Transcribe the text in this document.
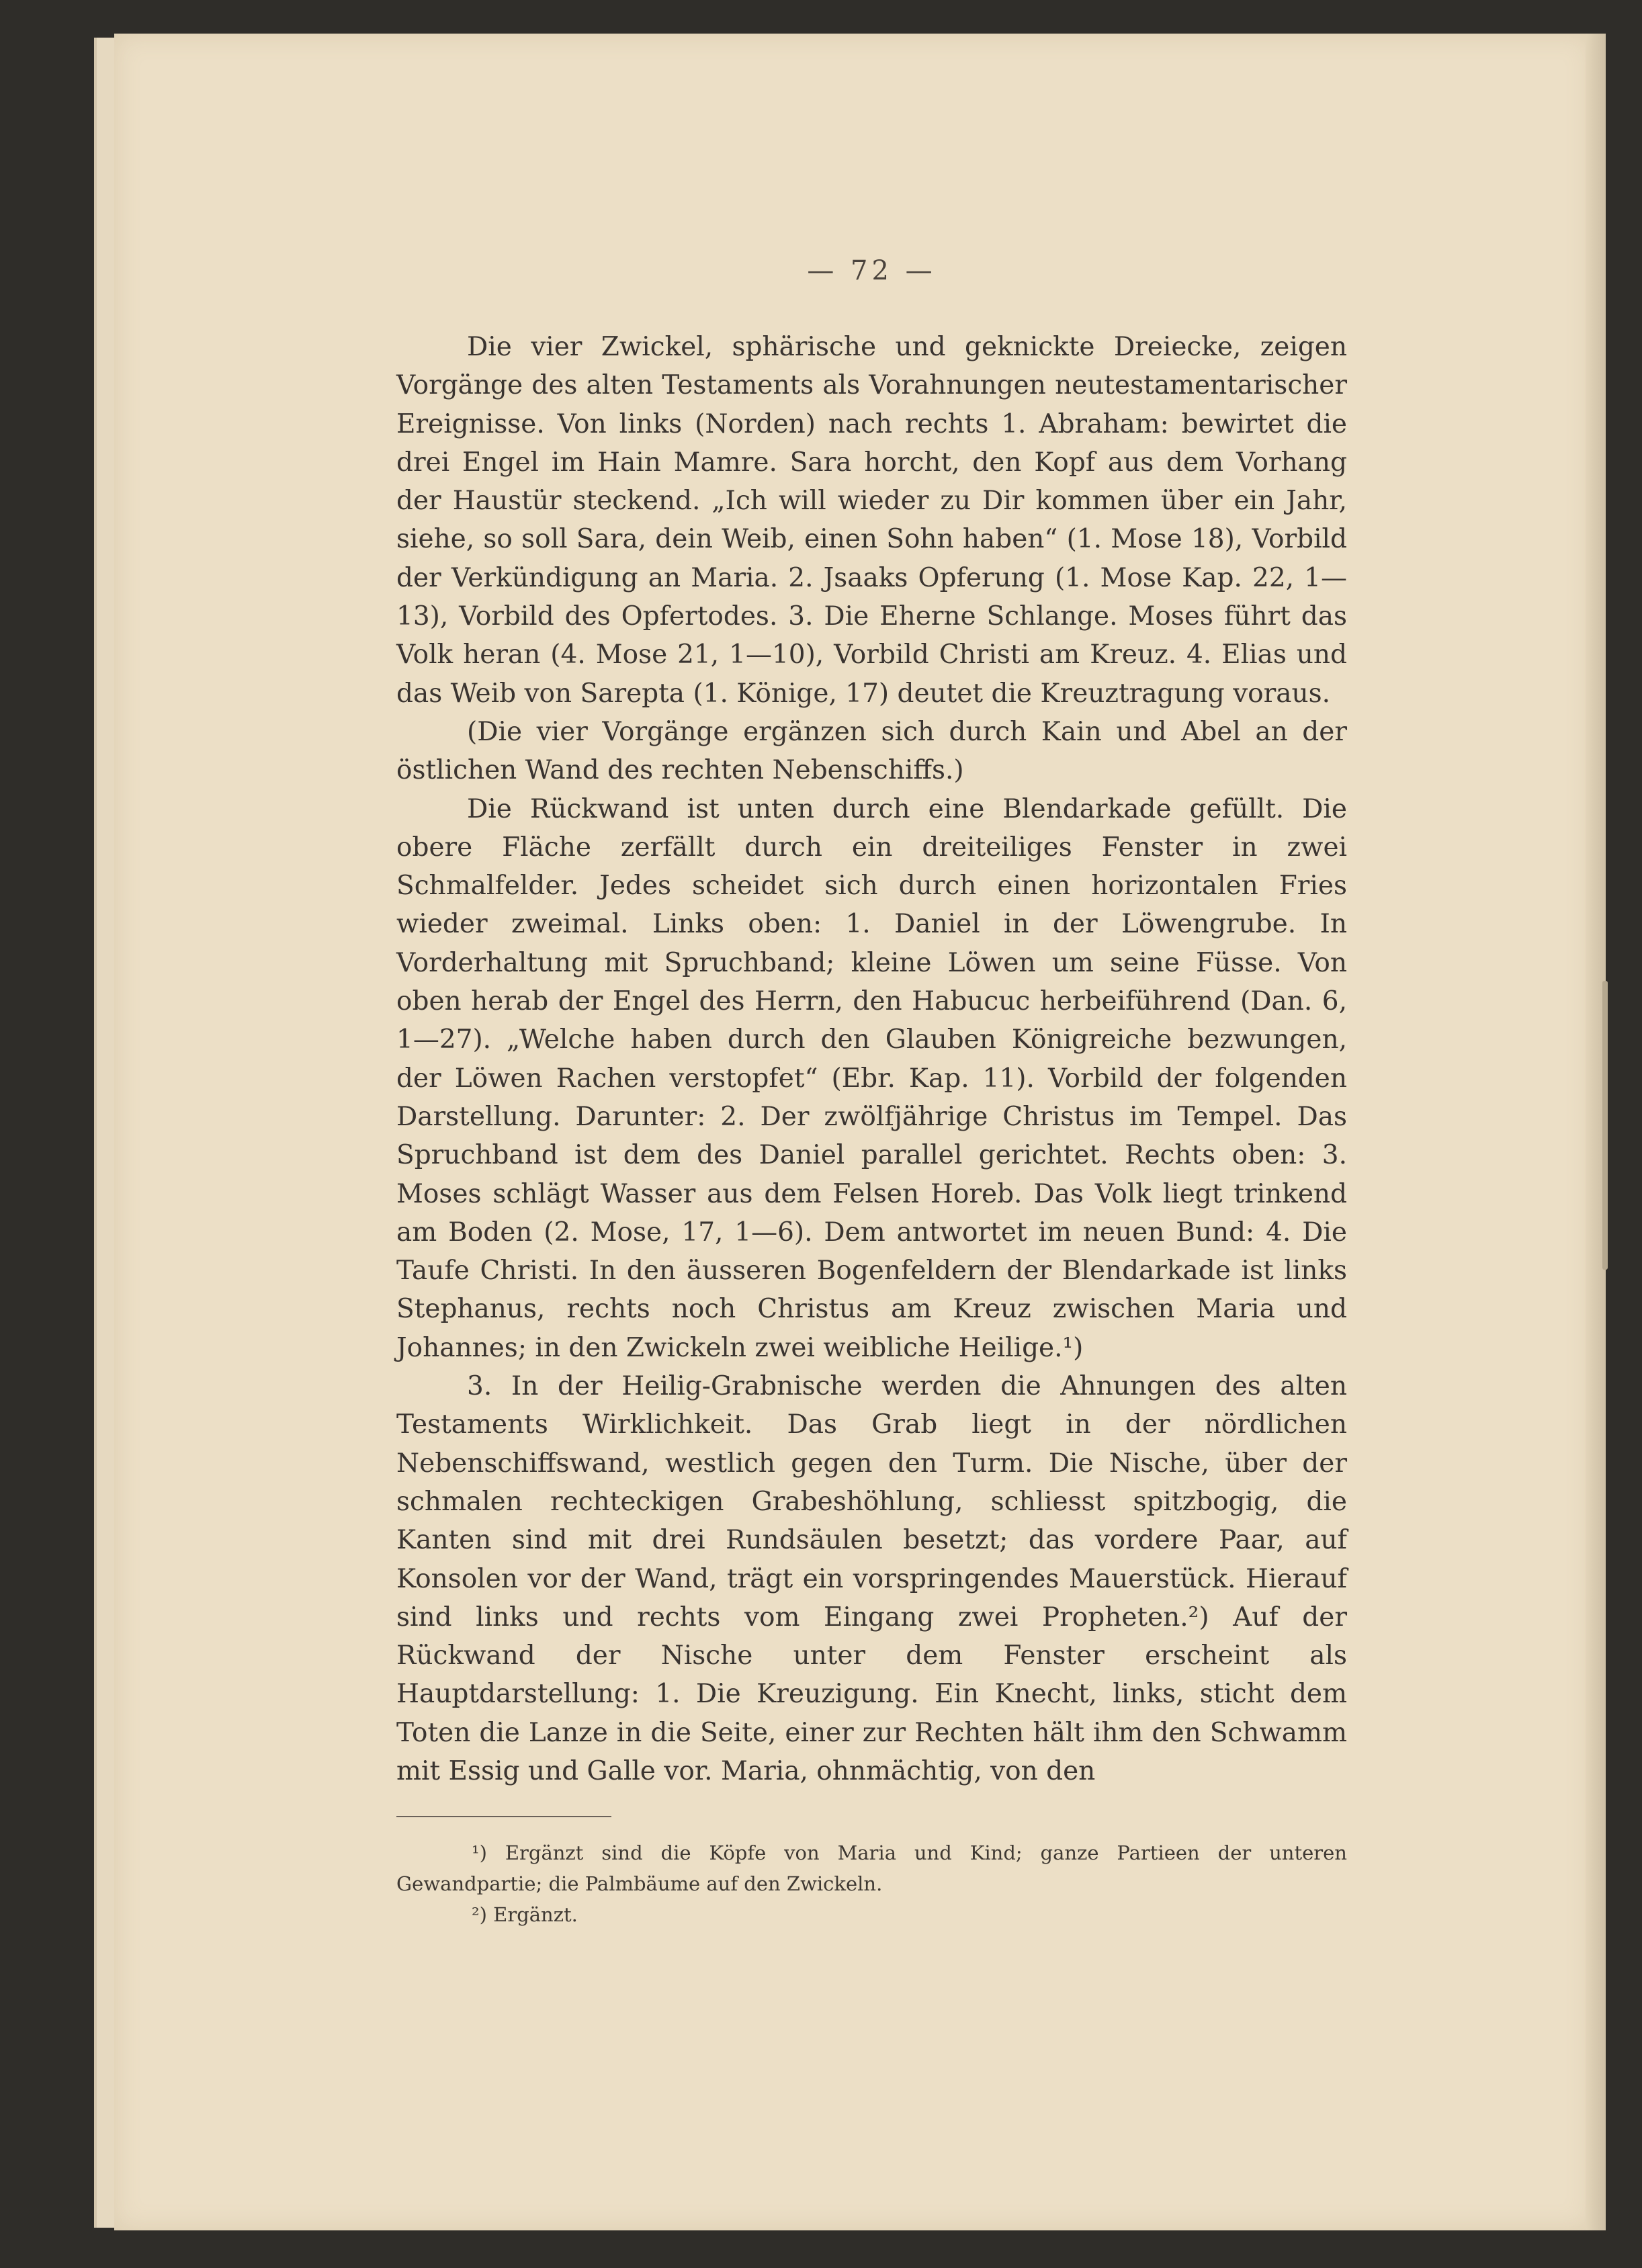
— 72 —

Die vier Zwickel, sphärische und geknickte Dreiecke, zeigen Vorgänge des alten Testaments als Vorahnungen neutestamentarischer Ereignisse. Von links (Norden) nach rechts 1. Abraham: bewirtet die drei Engel im Hain Mamre. Sara horcht, den Kopf aus dem Vorhang der Haustür steckend. „Ich will wieder zu Dir kommen über ein Jahr, siehe, so soll Sara, dein Weib, einen Sohn haben“ (1. Mose 18), Vorbild der Verkündigung an Maria. 2. Jsaaks Opferung (1. Mose Kap. 22, 1—13), Vorbild des Opfertodes. 3. Die Eherne Schlange. Moses führt das Volk heran (4. Mose 21, 1—10), Vorbild Christi am Kreuz. 4. Elias und das Weib von Sarepta (1. Könige, 17) deutet die Kreuztragung voraus.

(Die vier Vorgänge ergänzen sich durch Kain und Abel an der östlichen Wand des rechten Nebenschiffs.)

Die Rückwand ist unten durch eine Blendarkade gefüllt. Die obere Fläche zerfällt durch ein dreiteiliges Fenster in zwei Schmalfelder. Jedes scheidet sich durch einen horizontalen Fries wieder zweimal. Links oben: 1. Daniel in der Löwengrube. In Vorderhaltung mit Spruchband; kleine Löwen um seine Füsse. Von oben herab der Engel des Herrn, den Habucuc herbeiführend (Dan. 6, 1—27). „Welche haben durch den Glauben Königreiche bezwungen, der Löwen Rachen verstopfet“ (Ebr. Kap. 11). Vorbild der folgenden Darstellung. Darunter: 2. Der zwölfjährige Christus im Tempel. Das Spruchband ist dem des Daniel parallel gerichtet. Rechts oben: 3. Moses schlägt Wasser aus dem Felsen Horeb. Das Volk liegt trinkend am Boden (2. Mose, 17, 1—6). Dem antwortet im neuen Bund: 4. Die Taufe Christi. In den äusseren Bogenfeldern der Blendarkade ist links Stephanus, rechts noch Christus am Kreuz zwischen Maria und Johannes; in den Zwickeln zwei weibliche Heilige.¹)

3. In der Heilig-Grabnische werden die Ahnungen des alten Testaments Wirklichkeit. Das Grab liegt in der nördlichen Nebenschiffswand, westlich gegen den Turm. Die Nische, über der schmalen rechteckigen Grabeshöhlung, schliesst spitzbogig, die Kanten sind mit drei Rundsäulen besetzt; das vordere Paar, auf Konsolen vor der Wand, trägt ein vorspringendes Mauerstück. Hierauf sind links und rechts vom Eingang zwei Propheten.²) Auf der Rückwand der Nische unter dem Fenster erscheint als Hauptdarstellung: 1. Die Kreuzigung. Ein Knecht, links, sticht dem Toten die Lanze in die Seite, einer zur Rechten hält ihm den Schwamm mit Essig und Galle vor. Maria, ohnmächtig, von den

¹) Ergänzt sind die Köpfe von Maria und Kind; ganze Partieen der unteren Gewandpartie; die Palmbäume auf den Zwickeln.

²) Ergänzt.
